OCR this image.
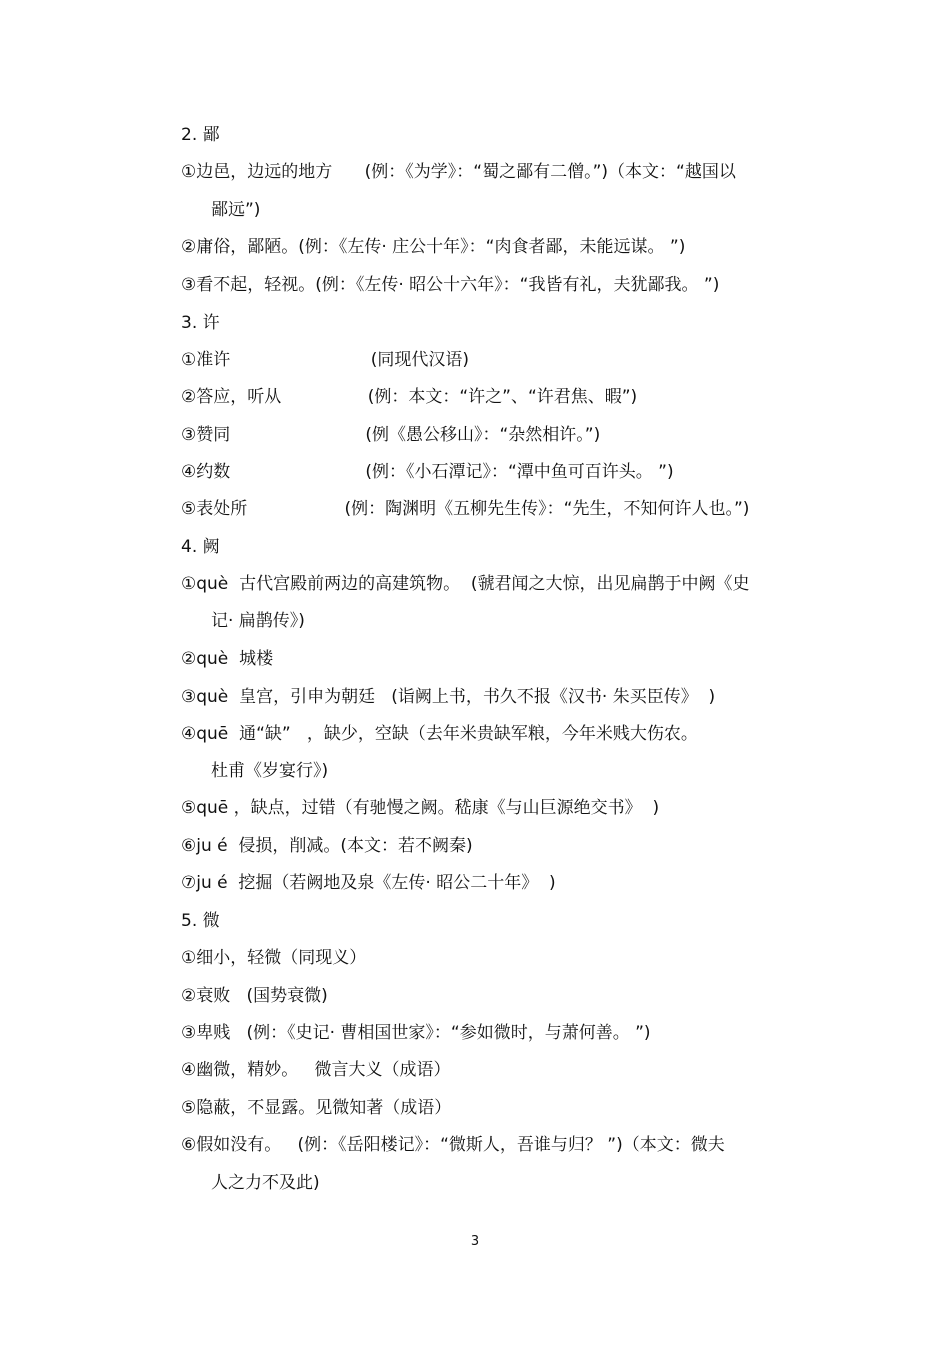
2. 鄙
①边邑，边远的地方      (例：《为学》：“蜀之鄙有二僧。”)（本文：“越国以
鄙远”)
②庸俗，鄙陋。(例：《左传· 庄公十年》：“肉食者鄙，未能远谋。 ”)
③看不起，轻视。(例：《左传· 昭公十六年》：“我皆有礼，夫犹鄙我。 ”)
3. 许
①准许                          (同现代汉语)
②答应，听从                (例：本文：“许之”、“许君焦、暇”)
③赞同                         (例《愚公移山》：“杂然相许。”)
④约数                         (例：《小石潭记》：“潭中鱼可百许头。 ”)
⑤表处所                  (例：陶渊明《五柳先生传》：“先生，不知何许人也。”)
4. 阙
①què  古代宫殿前两边的高建筑物。  (虢君闻之大惊，出见扁鹊于中阙《史
记· 扁鹊传》)
②què  城楼
③què  皇宫，引申为朝廷   (诣阙上书，书久不报《汉书· 朱买臣传》  )
④quē  通“缺”   ，缺少，空缺（去年米贵缺军粮，今年米贱大伤农。
杜甫《岁宴行》)
⑤quē ，缺点，过错（有驰慢之阙。嵇康《与山巨源绝交书》  )
⑥ju é  侵损，削减。(本文：若不阙秦)
⑦ju é  挖掘（若阙地及泉《左传· 昭公二十年》  )
5. 微
①细小，轻微（同现义）
②衰败   (国势衰微)
③卑贱   (例：《史记· 曹相国世家》：“参如微时，与萧何善。 ”)
④幽微，精妙。   微言大义（成语）
⑤隐蔽，不显露。见微知著（成语）
⑥假如没有。   (例：《岳阳楼记》：“微斯人，吾谁与归？ ”)（本文：微夫
人之力不及此)
3
